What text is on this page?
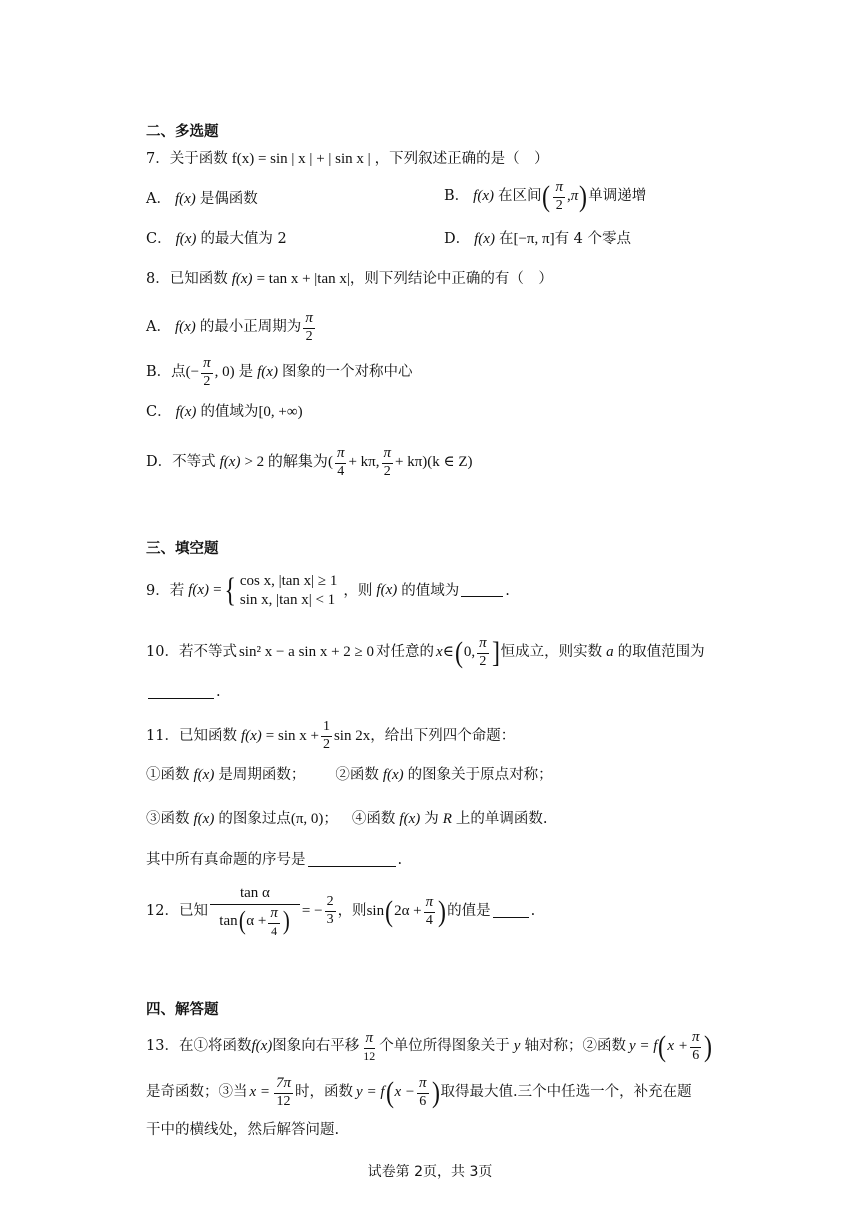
二、多选题
7．关于函数 f(x) = sin | x | + | sin x | ，下列叙述正确的是（　）
A． f(x) 是偶函数	B． f(x) 在区间 ( $\frac{\pi}{2}$ , π ) 单调递增
C． f(x) 的最大值为 2	D． f(x) 在 [−π, π] 有 4 个零点
8．已知函数 f(x) = tan x + |tan x| ，则下列结论中正确的有（　）
A． f(x) 的最小正周期为 $\frac{\pi}{2}$
B．点 (− $\frac{\pi}{2}$ , 0) 是 f(x) 图象的一个对称中心
C． f(x) 的值域为 [0, +∞)
D．不等式 f(x) > 2 的解集为 ( $\frac{\pi}{4} + k\pi$, $\frac{\pi}{2} + k\pi$) (k ∈ Z)
三、填空题
9．若 f(x) = { cos x, |tan x| ≥ 1
sin x, |tan x| < 1
，则 f(x) 的值域为	.
10．若不等式 sin² x − a sin x + 2 ≥ 0 对任意的 x ∈ ( 0, $\frac{\pi}{2}$ ] 恒成立，则实数 a 的取值范围为
.
11．已知函数 $f(x) = \sin x + \frac{1}{2}$ sin 2x ，给出下列四个命题：
①函数 f(x) 是周期函数； ②函数 f(x) 的图象关于原点对称；
③函数 f(x) 的图象过点 (π, 0) ； ④函数 f(x) 为 R 上的单调函数.
其中所有真命题的序号是	.
12．已知 $\frac{\text{tan α}}{\tan ( \alpha + \frac{\pi}{4} )}$ = − $\frac{2}{3}$ ，则 sin ( $2\alpha + \frac{\pi}{4}$ ) 的值是	.
四、解答题
13．在①将函数 f(x) 图象向右平移 $\frac{\pi}{12}$ 个单位所得图象关于 y 轴对称；②函数 y = f ( $x + \frac{\pi}{6}$ )
是奇函数；③当 $x = \frac{7\pi}{12}$ 时，函数 y = f ( $x - \frac{\pi}{6}$ ) 取得最大值.三个中任选一个，补充在题
干中的横线处，然后解答问题.
试卷第 2页，共 3页
